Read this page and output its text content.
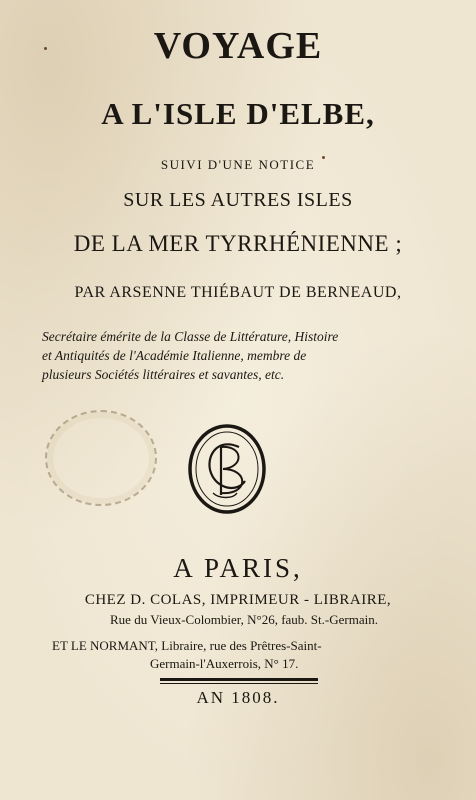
VOYAGE
A L'ISLE D'ELBE,
SUIVI D'UNE NOTICE
SUR LES AUTRES ISLES
DE LA MER TYRRHÉNIENNE ;
PAR ARSENNE THIÉBAUT DE BERNEAUD,
Secrétaire émérite de la Classe de Littérature, Histoire
et Antiquités de l'Académie Italienne, membre de
plusieurs Sociétés littéraires et savantes, etc.
A PARIS,
CHEZ D. COLAS, IMPRIMEUR - LIBRAIRE,
Rue du Vieux-Colombier, N°26, faub. St.-Germain.
ET LE NORMANT, Libraire, rue des Prêtres-Saint-
Germain-l'Auxerrois, N° 17.
AN 1808.
